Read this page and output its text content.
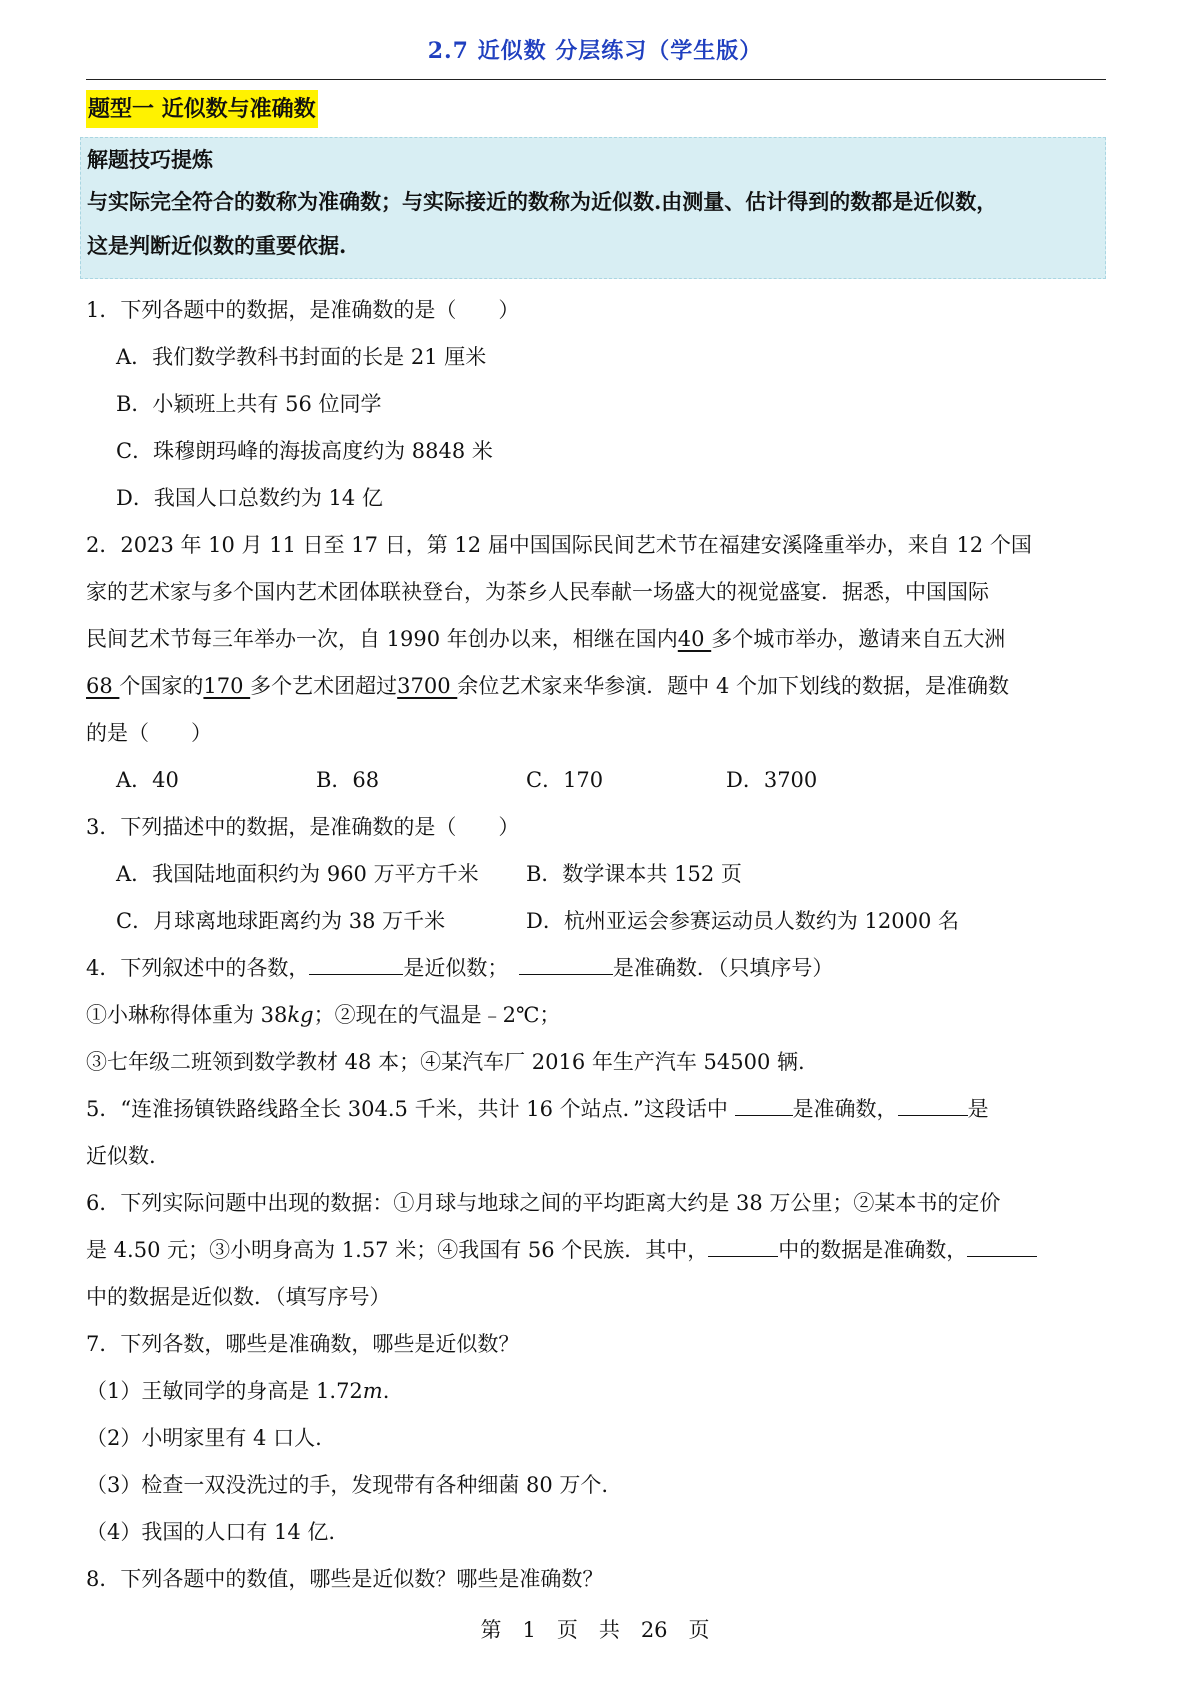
2.7 近似数 分层练习（学生版）
题型一 近似数与准确数
解题技巧提炼
与实际完全符合的数称为准确数；与实际接近的数称为近似数.由测量、估计得到的数都是近似数，
这是判断近似数的重要依据.
1．下列各题中的数据，是准确数的是（　　）
A．我们数学教科书封面的长是 21 厘米
B．小颖班上共有 56 位同学
C．珠穆朗玛峰的海拔高度约为 8848 米
D．我国人口总数约为 14 亿
2．2023 年 10 月 11 日至 17 日，第 12 届中国国际民间艺术节在福建安溪隆重举办，来自 12 个国
家的艺术家与多个国内艺术团体联袂登台，为茶乡人民奉献一场盛大的视觉盛宴．据悉，中国国际
民间艺术节每三年举办一次，自 1990 年创办以来，相继在国内40 多个城市举办，邀请来自五大洲
68 个国家的170 多个艺术团超过3700 余位艺术家来华参演．题中 4 个加下划线的数据，是准确数
的是（　　）
A．40	B．68	C．170	D．3700
3．下列描述中的数据，是准确数的是（　　）
A．我国陆地面积约为 960 万平方千米 B．数学课本共 152 页
C．月球离地球距离约为 38 万千米	D．杭州亚运会参赛运动员人数约为 12000 名
4．下列叙述中的各数，	是近似数；　	是准确数．（只填序号）
①小琳称得体重为 38kg；②现在的气温是﹣2℃；
③七年级二班领到数学教材 48 本；④某汽车厂 2016 年生产汽车 54500 辆.
5．“连淮扬镇铁路线路全长 304.5 千米，共计 16 个站点．”这段话中	是准确数，	是
近似数.
6．下列实际问题中出现的数据：①月球与地球之间的平均距离大约是 38 万公里；②某本书的定价
是 4.50 元；③小明身高为 1.57 米；④我国有 56 个民族．其中，	中的数据是准确数，
中的数据是近似数．（填写序号）
7．下列各数，哪些是准确数，哪些是近似数？
（1）王敏同学的身高是 1.72m.
（2）小明家里有 4 口人.
（3）检查一双没洗过的手，发现带有各种细菌 80 万个.
（4）我国的人口有 14 亿.
8．下列各题中的数值，哪些是近似数？哪些是准确数？
第　1　页　共　26　页
